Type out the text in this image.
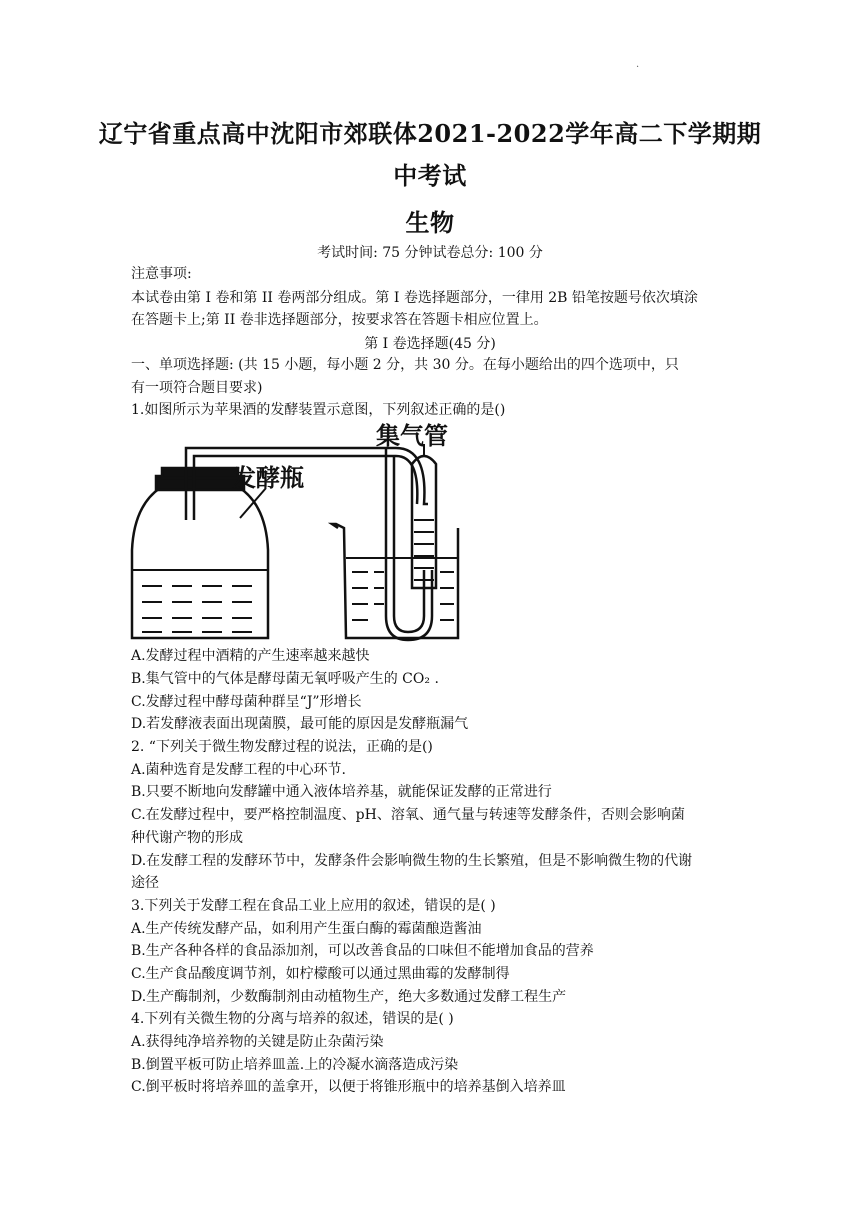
·
辽宁省重点高中沈阳市郊联体2021-2022学年高二下学期期
中考试
生物
考试时间: 75 分钟试卷总分: 100 分
注意事项:
本试卷由第 I 卷和第 II 卷两部分组成。第 I 卷选择题部分，一律用 2B 铅笔按题号依次填涂
在答题卡上;第 II 卷非选择题部分，按要求答在答题卡相应位置上。
第 I 卷选择题(45 分)
一、单项选择题: (共 15 小题，每小题 2 分，共 30 分。在每小题给出的四个选项中，只
有一项符合题目要求)
1.如图所示为苹果酒的发酵装置示意图，下列叙述正确的是()
集气管
发酵瓶
A.发酵过程中酒精的产生速率越来越快
B.集气管中的气体是酵母菌无氧呼吸产生的 CO₂ .
C.发酵过程中酵母菌种群呈“J”形增长
D.若发酵液表面出现菌膜，最可能的原因是发酵瓶漏气
2. “下列关于微生物发酵过程的说法，正确的是()
A.菌种选育是发酵工程的中心环节.
B.只要不断地向发酵罐中通入液体培养基，就能保证发酵的正常进行
C.在发酵过程中，要严格控制温度、pH、溶氧、通气量与转速等发酵条件，否则会影响菌
种代谢产物的形成
D.在发酵工程的发酵环节中，发酵条件会影响微生物的生长繁殖，但是不影响微生物的代谢
途径
3.下列关于发酵工程在食品工业上应用的叙述，错误的是( )
A.生产传统发酵产品，如利用产生蛋白酶的霉菌酿造酱油
B.生产各种各样的食品添加剂，可以改善食品的口味但不能增加食品的营养
C.生产食品酸度调节剂，如柠檬酸可以通过黑曲霉的发酵制得
D.生产酶制剂，少数酶制剂由动植物生产，绝大多数通过发酵工程生产
4.下列有关微生物的分离与培养的叙述，错误的是( )
A.获得纯净培养物的关键是防止杂菌污染
B.倒置平板可防止培养皿盖.上的冷凝水滴落造成污染
C.倒平板时将培养皿的盖拿开，以便于将锥形瓶中的培养基倒入培养皿
